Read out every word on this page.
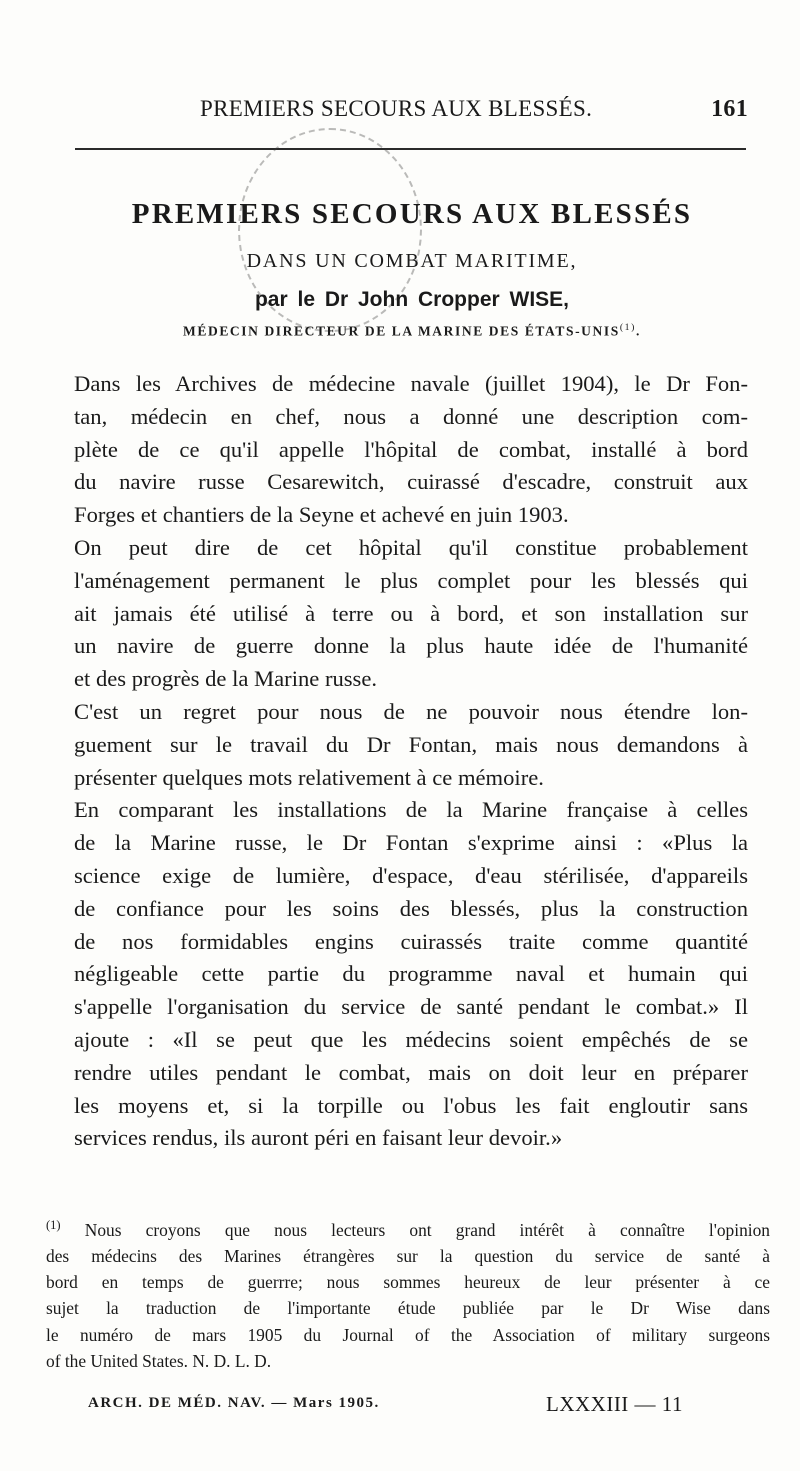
PREMIERS SECOURS AUX BLESSÉS.	161
PREMIERS SECOURS AUX BLESSÉS
DANS UN COMBAT MARITIME,
par le Dr John Cropper WISE,
MÉDECIN DIRECTEUR DE LA MARINE DES ÉTATS-UNIS$^{(1)}$.
Dans les Archives de médecine navale (juillet 1904), le Dr Fon-
tan, médecin en chef, nous a donné une description com-
plète de ce qu'il appelle l'hôpital de combat, installé à bord
du navire russe Cesarewitch, cuirassé d'escadre, construit aux
Forges et chantiers de la Seyne et achevé en juin 1903.
On peut dire de cet hôpital qu'il constitue probablement
l'aménagement permanent le plus complet pour les blessés qui
ait jamais été utilisé à terre ou à bord, et son installation sur
un navire de guerre donne la plus haute idée de l'humanité
et des progrès de la Marine russe.
C'est un regret pour nous de ne pouvoir nous étendre lon-
guement sur le travail du Dr Fontan, mais nous demandons à
présenter quelques mots relativement à ce mémoire.
En comparant les installations de la Marine française à celles
de la Marine russe, le Dr Fontan s'exprime ainsi : «Plus la
science exige de lumière, d'espace, d'eau stérilisée, d'appareils
de confiance pour les soins des blessés, plus la construction
de nos formidables engins cuirassés traite comme quantité
négligeable cette partie du programme naval et humain qui
s'appelle l'organisation du service de santé pendant le combat.» Il
ajoute : «Il se peut que les médecins soient empêchés de se
rendre utiles pendant le combat, mais on doit leur en préparer
les moyens et, si la torpille ou l'obus les fait engloutir sans
services rendus, ils auront péri en faisant leur devoir.»
$^{(1)}$ Nous croyons que nous lecteurs ont grand intérêt à connaître l'opinion
des médecins des Marines étrangères sur la question du service de santé à
bord en temps de guerrre; nous sommes heureux de leur présenter à ce
sujet la traduction de l'importante étude publiée par le Dr Wise dans
le numéro de mars 1905 du Journal of the Association of military surgeons
of the United States. N. D. L. D.
ARCH. DE MÉD. NAV. — Mars 1905.	LXXXIII — 11
